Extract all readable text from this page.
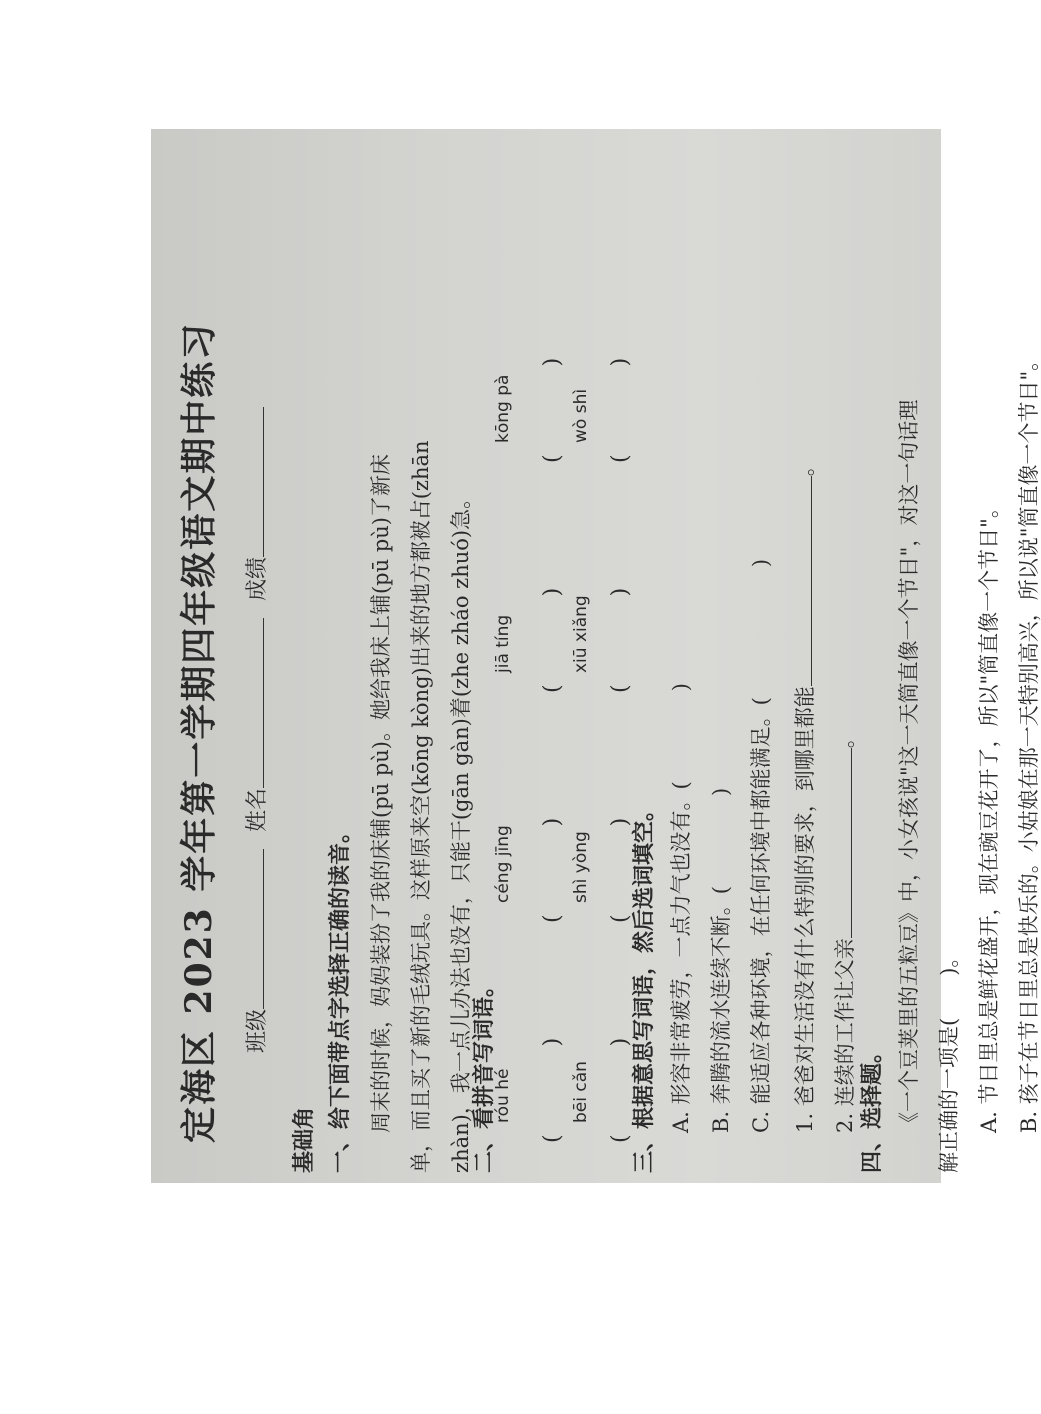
定海区 2023 学年第一学期四年级语文期中练习 班级 姓名 成绩
基础角 一、给下面带点字选择正确的读音。 周末的时候，妈妈装扮了我的床铺(pū pù)。她给我床上铺(pū pù)了新床 单，而且买了新的毛绒玩具。这样原来空(kōng kòng)出来的地方都被占(zhān zhàn)，我一点儿办法也没有，只能干(gān gàn)着(zhe zháo zhuó)急。
二、看拼音写词语。
róu hé
céng jīng
jiā tíng
kōng pà
(　　　　)
(　　　　)
(　　　　)
(　　　　)
bēi cǎn
shì yòng
xiū xiǎng
wò shì
(　　　　)
(　　　　)
(　　　　)
(　　　　)
三、根据意思写词语，然后选词填空。 A. 形容非常疲劳，一点力气也没有。()
B. 奔腾的流水连续不断。() C. 能适应各种环境，在任何环境中都能满足。()
1. 爸爸对生活没有什么特别的要求，到哪里都能。
2. 连续的工作让父亲。
四、选择题。 《一个豆荚里的五粒豆》中，小女孩说"这一天简直像一个节日"，对这一句话理 解正确的一项是(　　)。 A. 节日里总是鲜花盛开，现在豌豆花开了，所以"简直像一个节日"。 B. 孩子在节日里总是快乐的。小姑娘在那一天特别高兴，所以说"简直像一个节日"。
